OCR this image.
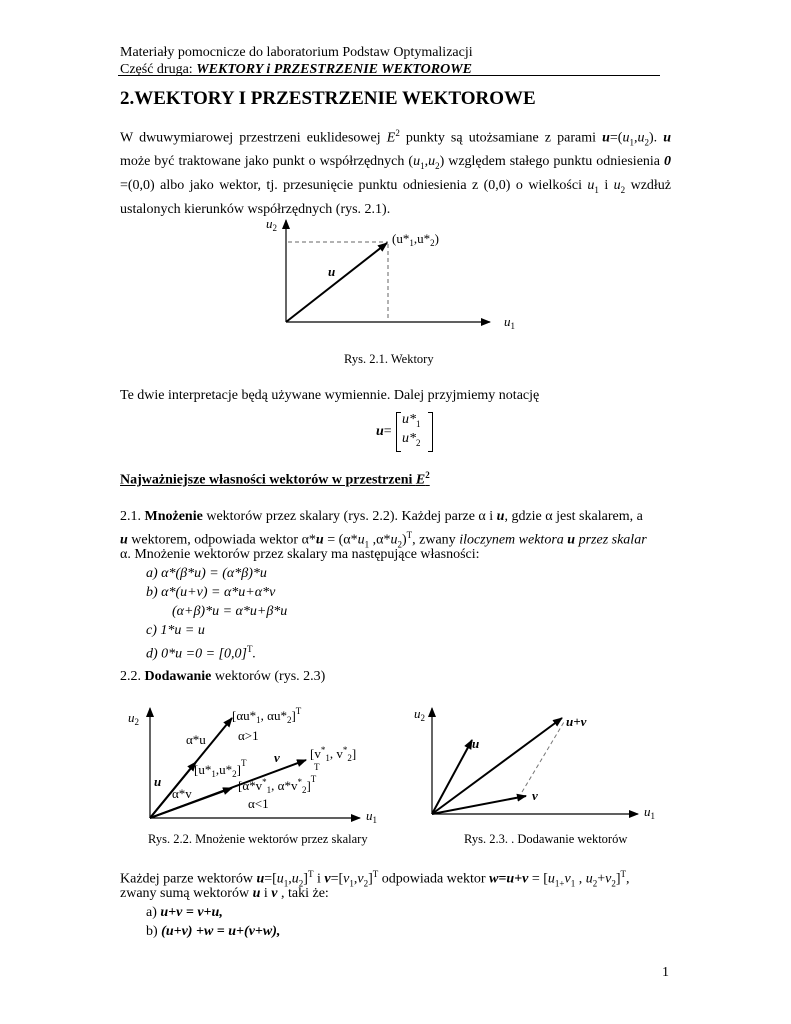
Materiały pomocnicze do laboratorium Podstaw Optymalizacji
Część druga: WEKTORY i PRZESTRZENIE WEKTOROWE
2.WEKTORY I PRZESTRZENIE WEKTOROWE
W dwuwymiarowej przestrzeni euklidesowej $E^2$ punkty są utożsamiane z parami $u=(u_1,u_2)$. u może być traktowane jako punkt o współrzędnych $(u_1,u_2)$ względem stałego punktu odniesienia 0 =(0,0) albo jako wektor, tj. przesunięcie punktu odniesienia z (0,0) o wielkości $u_1$ i $u_2$ wzdłuż ustalonych kierunków współrzędnych (rys. 2.1).
$u_2$
$u_1$
$(u*_1,u*_2)$
u
Rys. 2.1. Wektory
Te dwie interpretacje będą używane wymiennie. Dalej przyjmiemy notację
u=
$u*_1$
$u*_2$
Najważniejsze własności wektorów w przestrzeni $E^2$
2.1. Mnożenie wektorów przez skalary (rys. 2.2). Każdej parze α i u, gdzie α jest skalarem, a
u wektorem, odpowiada wektor $\alpha*u = (\alpha*u_1$ $,\alpha*u_2)^T$, zwany iloczynem wektora u przez skalar
α. Mnożenie wektorów przez skalary ma następujące własności:
a) α*(β*u) = (α*β)*u
b) α*(u+v) = α*u+α*v
(α+β)*u = α*u+β*u
c) 1*u = u
d) $0*u =0 = [0,0]^T$.
2.2. Dodawanie wektorów (rys. 2.3)
$u_2$
$u_1$
[$\alpha u*_1$, $\alpha u*_2]^T$
α>1
α*u
$[u*_1,u*_2]^T$ v [$v^*_1$, $v^*_2$]
T
u
α*v
[$\alpha*v^*_1$, $\alpha*v^*_2]^T$
α<1
Rys. 2.2. Mnożenie wektorów przez skalary
$u_2$
$u_1$
u+v
u
v
Rys. 2.3. . Dodawanie wektorów
Każdej parze wektorów $u=[u_1,u_2]^T$ i $v=[v_1,v_2]^T$ odpowiada wektor $w=u+v = [u_{1+}v_1$ , $u_2+v_2]^T$,
zwany sumą wektorów u i v , taki że:
a) u+v = v+u,
b) (u+v) +w = u+(v+w),
1
